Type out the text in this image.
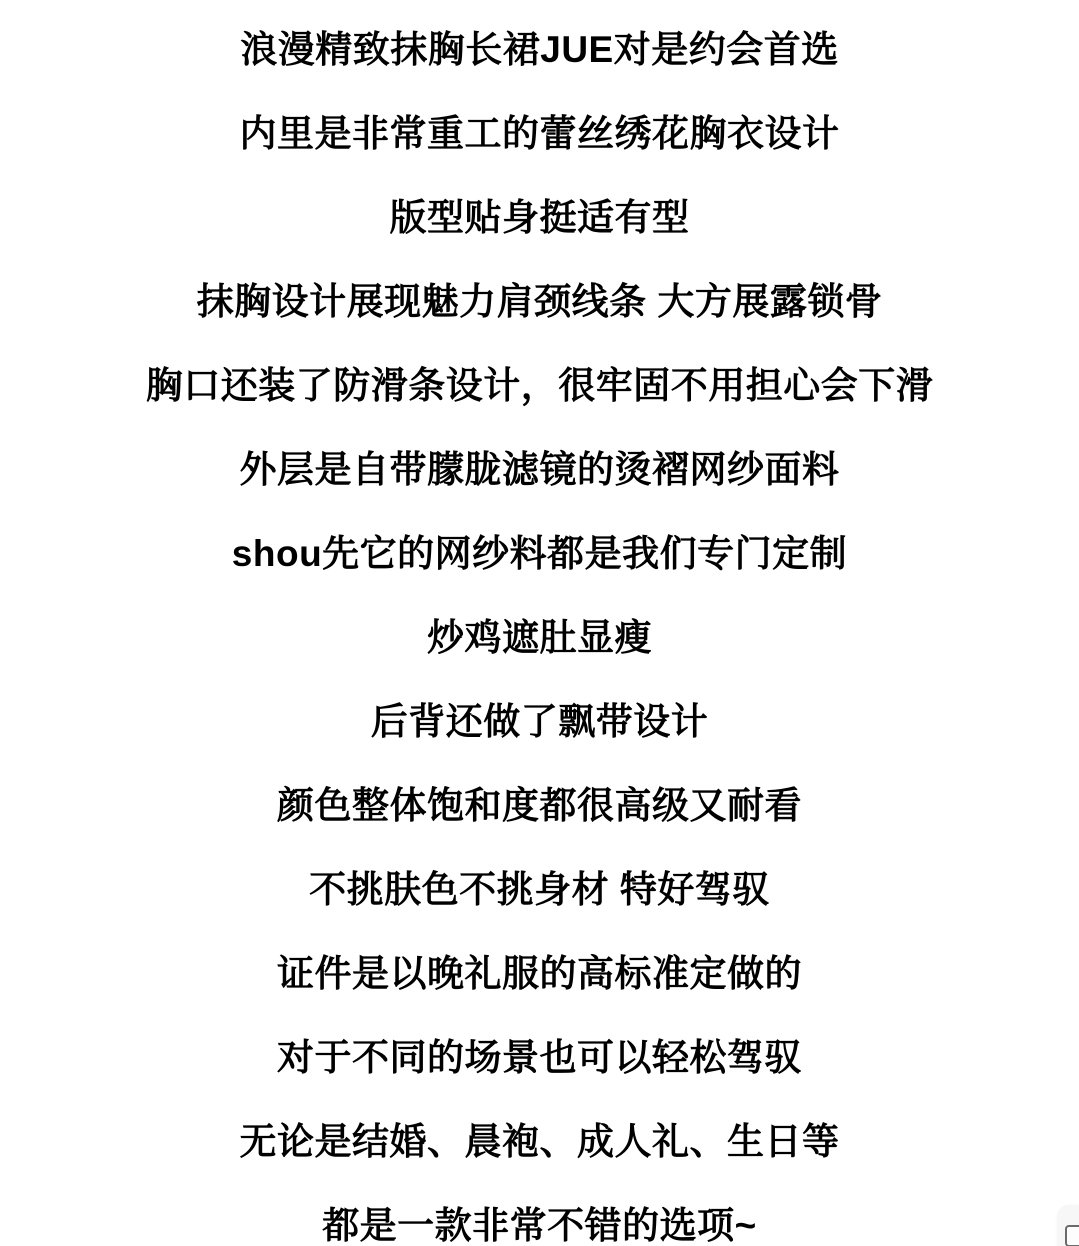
浪漫精致抹胸长裙JUE对是约会首选

内里是非常重工的蕾丝绣花胸衣设计

版型贴身挺适有型

抹胸设计展现魅力肩颈线条 大方展露锁骨

胸口还装了防滑条设计，很牢固不用担心会下滑

外层是自带朦胧滤镜的烫褶网纱面料

shou先它的网纱料都是我们专门定制

炒鸡遮肚显瘦

后背还做了飘带设计

颜色整体饱和度都很高级又耐看

不挑肤色不挑身材 特好驾驭

证件是以晚礼服的高标准定做的

对于不同的场景也可以轻松驾驭

无论是结婚、晨袍、成人礼、生日等

都是一款非常不错的选项~
